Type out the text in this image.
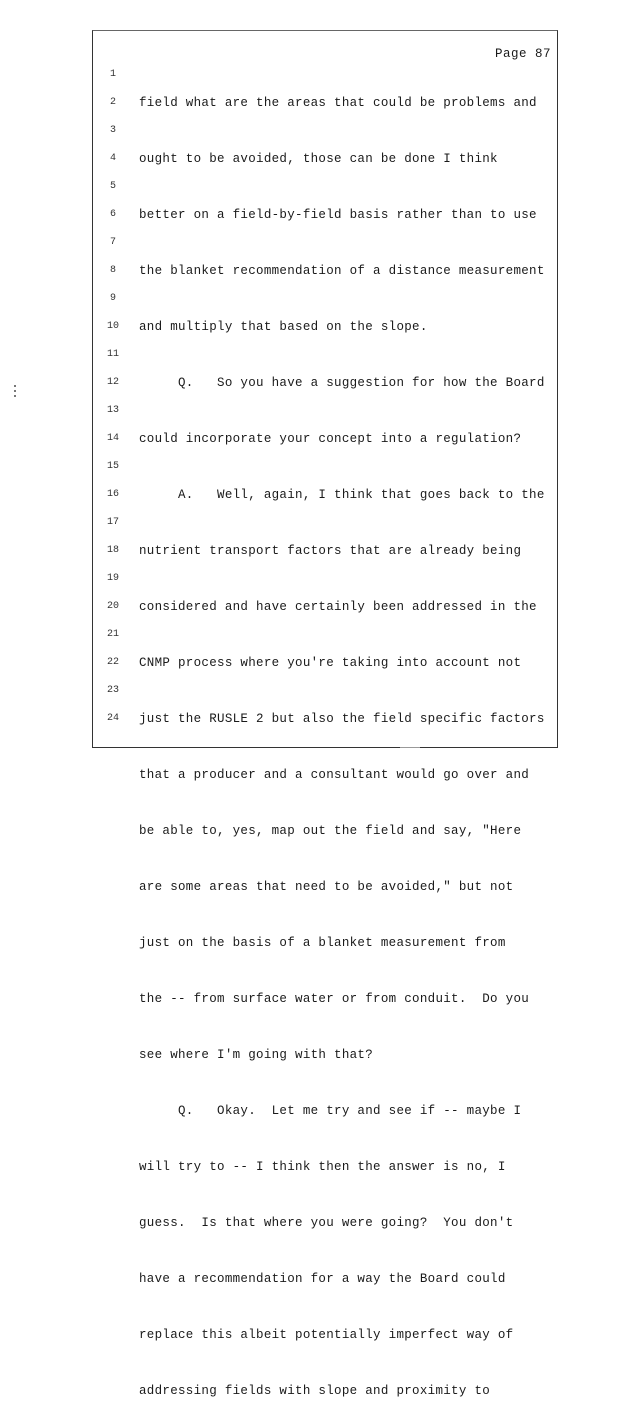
Page 87
1
2
3
4
5
6
7
8
9
10
11
12
13
14
15
16
17
18
19
20
21
22
23
24

field what are the areas that could be problems and

ought to be avoided, those can be done I think

better on a field-by-field basis rather than to use

the blanket recommendation of a distance measurement

and multiply that based on the slope.

Q.   So you have a suggestion for how the Board

could incorporate your concept into a regulation?

A.   Well, again, I think that goes back to the

nutrient transport factors that are already being

considered and have certainly been addressed in the

CNMP process where you're taking into account not

just the RUSLE 2 but also the field specific factors

that a producer and a consultant would go over and

be able to, yes, map out the field and say, "Here

are some areas that need to be avoided," but not

just on the basis of a blanket measurement from

the -- from surface water or from conduit.  Do you

see where I'm going with that?

Q.   Okay.  Let me try and see if -- maybe I

will try to -- I think then the answer is no, I

guess.  Is that where you were going?  You don't

have a recommendation for a way the Board could

replace this albeit potentially imperfect way of

addressing fields with slope and proximity to
